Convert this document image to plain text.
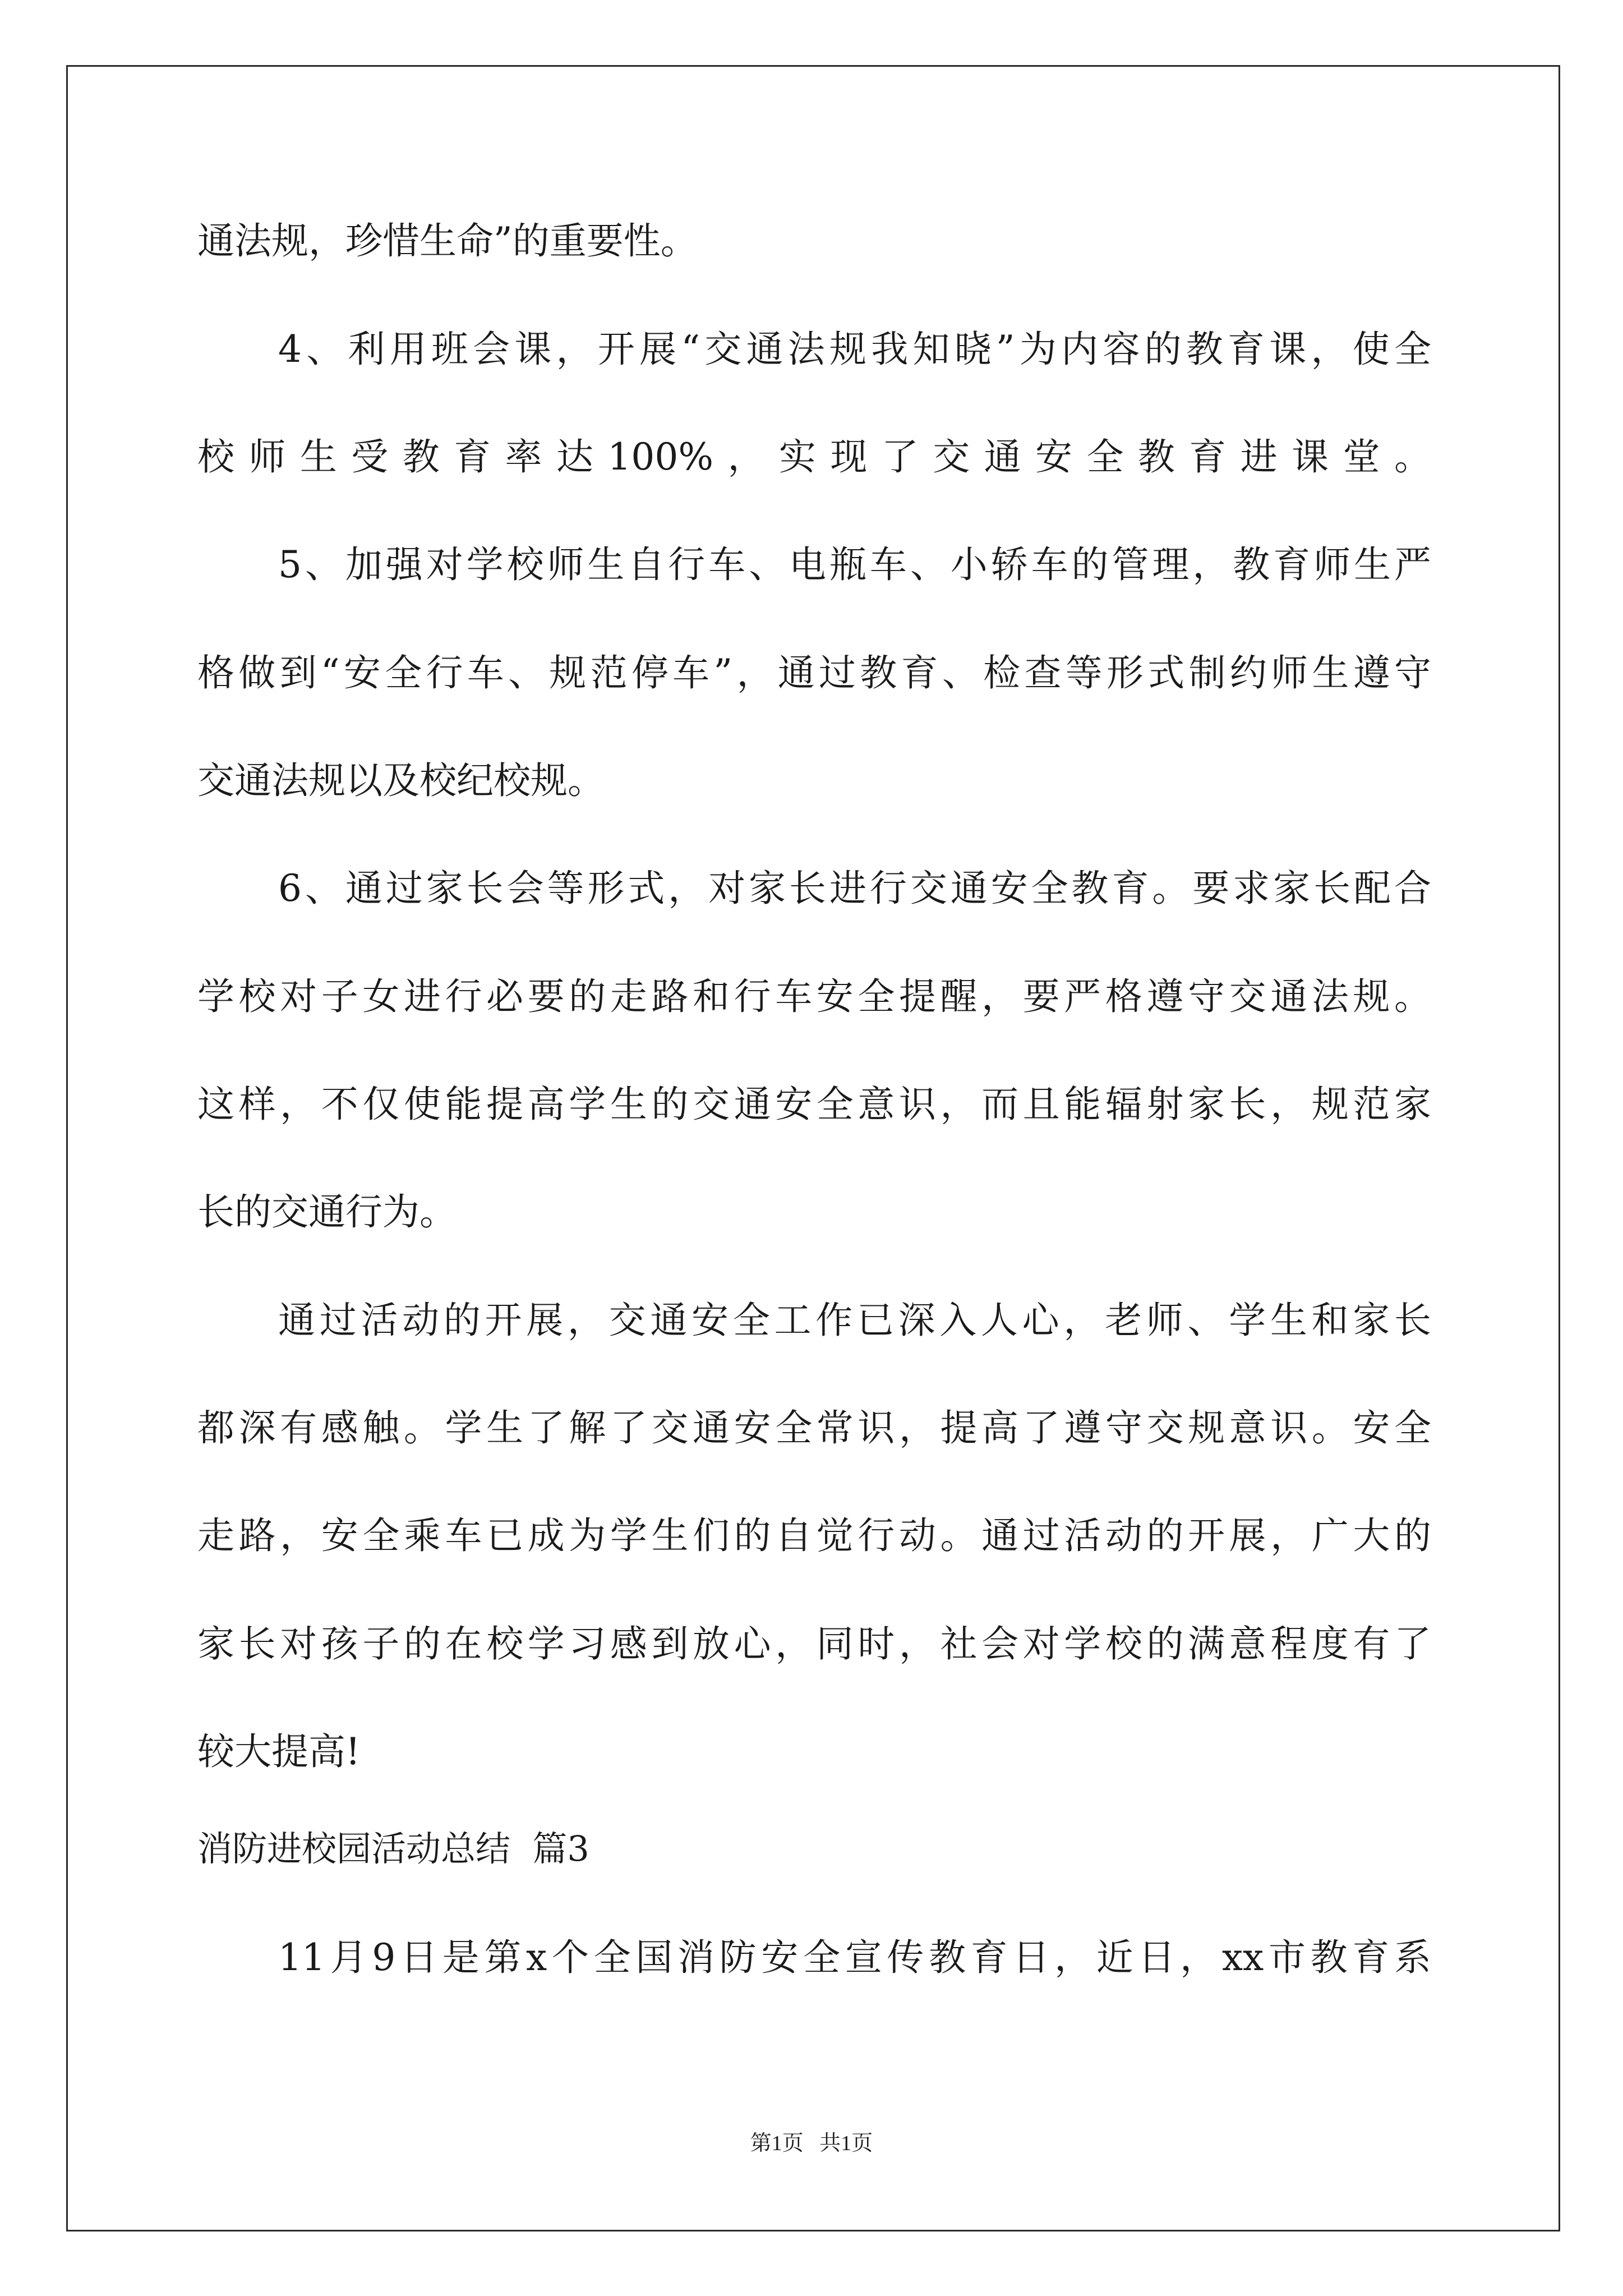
通法规，珍惜生命”的重要性。
4、利用班会课，开展“交通法规我知晓”为内容的教育课，使全
校师生受教育率达100%，实现了交通安全教育进课堂。
5、加强对学校师生自行车、电瓶车、小轿车的管理，教育师生严
格做到“安全行车、规范停车”，通过教育、检查等形式制约师生遵守
交通法规以及校纪校规。
6、通过家长会等形式，对家长进行交通安全教育。要求家长配合
学校对子女进行必要的走路和行车安全提醒，要严格遵守交通法规。
这样，不仅使能提高学生的交通安全意识，而且能辐射家长，规范家
长的交通行为。
通过活动的开展，交通安全工作已深入人心，老师、学生和家长
都深有感触。学生了解了交通安全常识，提高了遵守交规意识。安全
走路，安全乘车已成为学生们的自觉行动。通过活动的开展，广大的
家长对孩子的在校学习感到放心，同时，社会对学校的满意程度有了
较大提高!
消防进校园活动总结  篇3
11月9日是第x个全国消防安全宣传教育日，近日，xx市教育系
第1页   共1页
